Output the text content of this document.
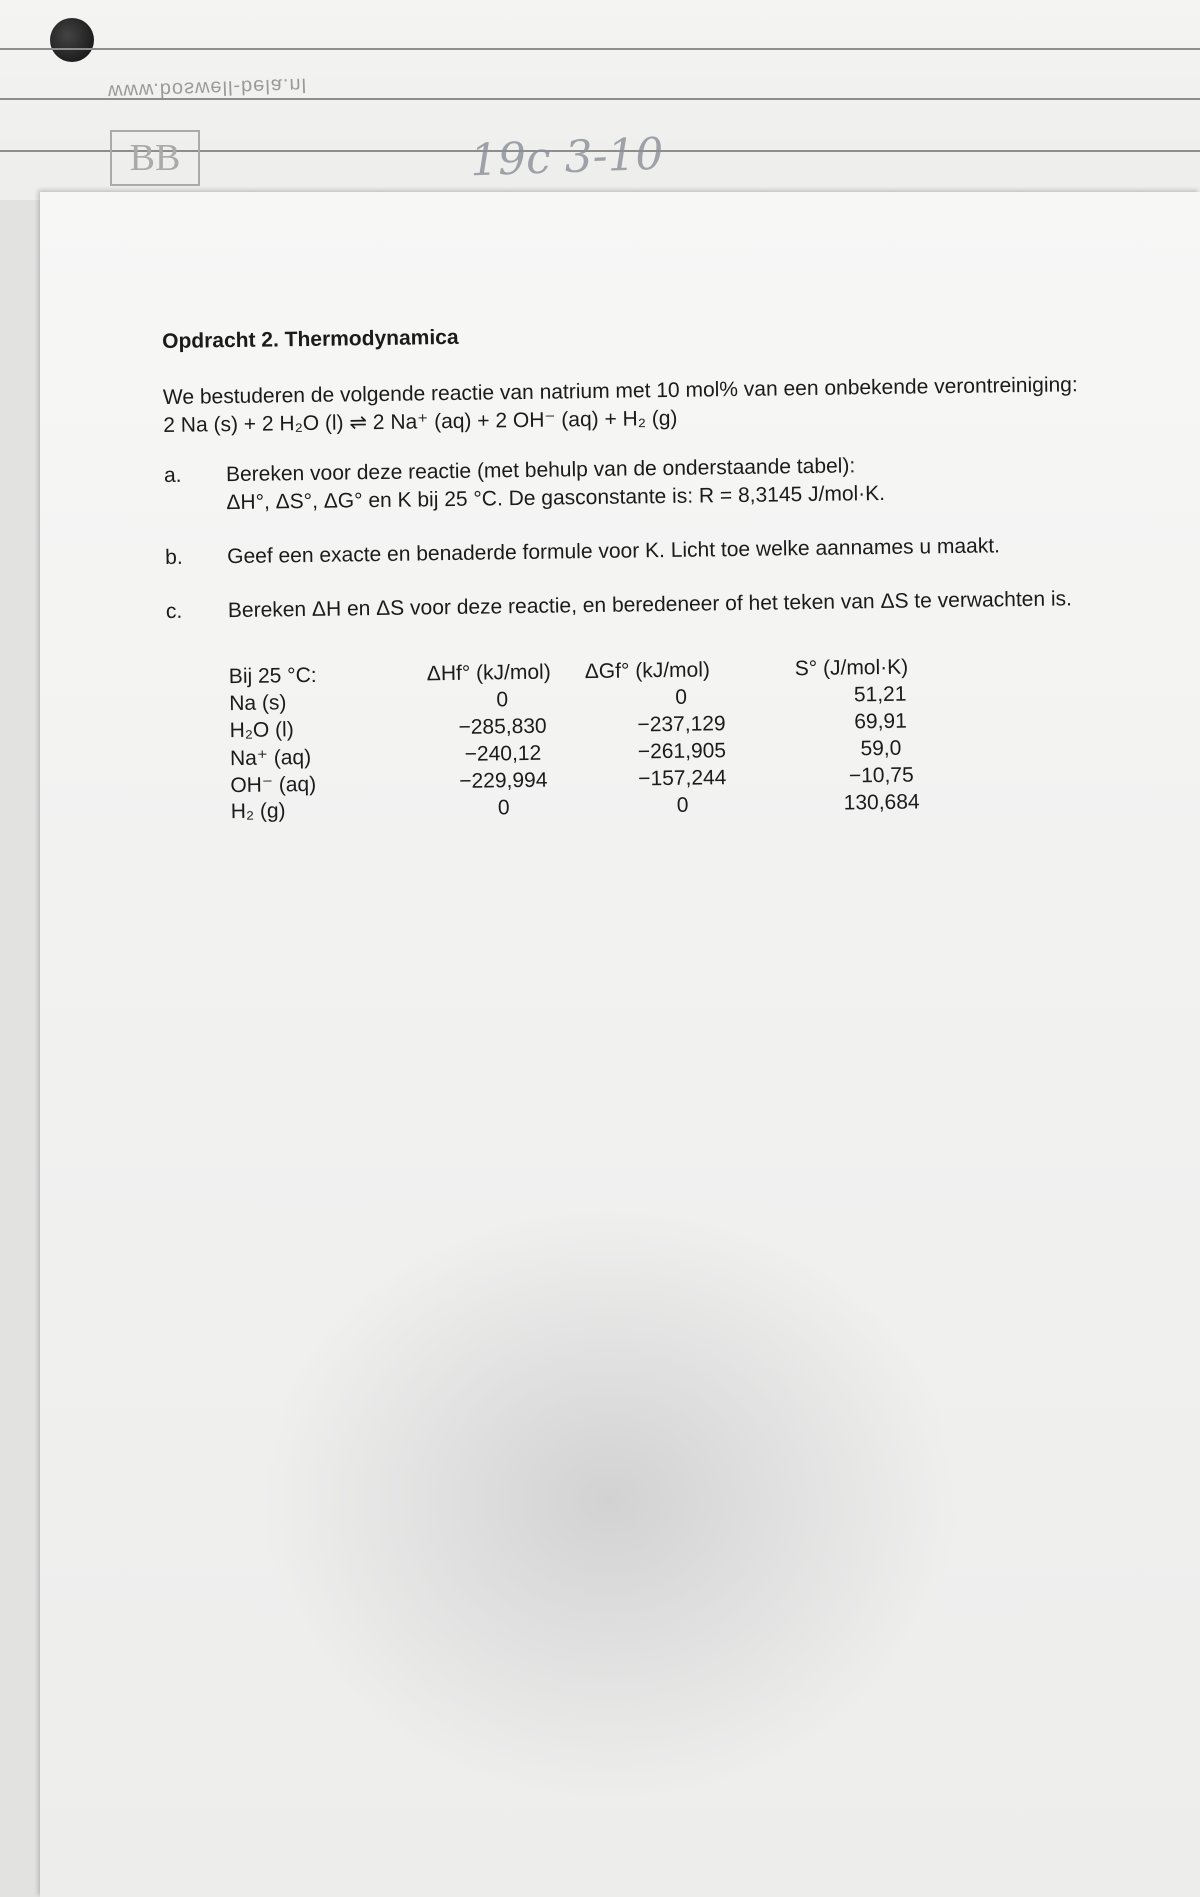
www.boswell-bela.nl
BB	19c 3-10
Opdracht 2. Thermodynamica

We bestuderen de volgende reactie van natrium met 10 mol% van een onbekende verontreiniging:

2 Na (s) + 2 H₂O (l) ⇌ 2 Na⁺ (aq) + 2 OH⁻ (aq) + H₂ (g)

a.	Bereken voor deze reactie (met behulp van de onderstaande tabel):
ΔH°, ΔS°, ΔG° en K bij 25 °C. De gasconstante is: R = 8,3145 J/mol·K.
b.	Geef een exacte en benaderde formule voor K. Licht toe welke aannames u maakt.
c.	Bereken ΔH en ΔS voor deze reactie, en beredeneer of het teken van ΔS te verwachten is.
Bij 25 °C:	ΔHf° (kJ/mol)	ΔGf° (kJ/mol)	S° (J/mol·K)
Na (s)	0	0	51,21
H₂O (l)	−285,830	−237,129	69,91
Na⁺ (aq)	−240,12	−261,905	59,0
OH⁻ (aq)	−229,994	−157,244	−10,75
H₂ (g)	0	0	130,684
